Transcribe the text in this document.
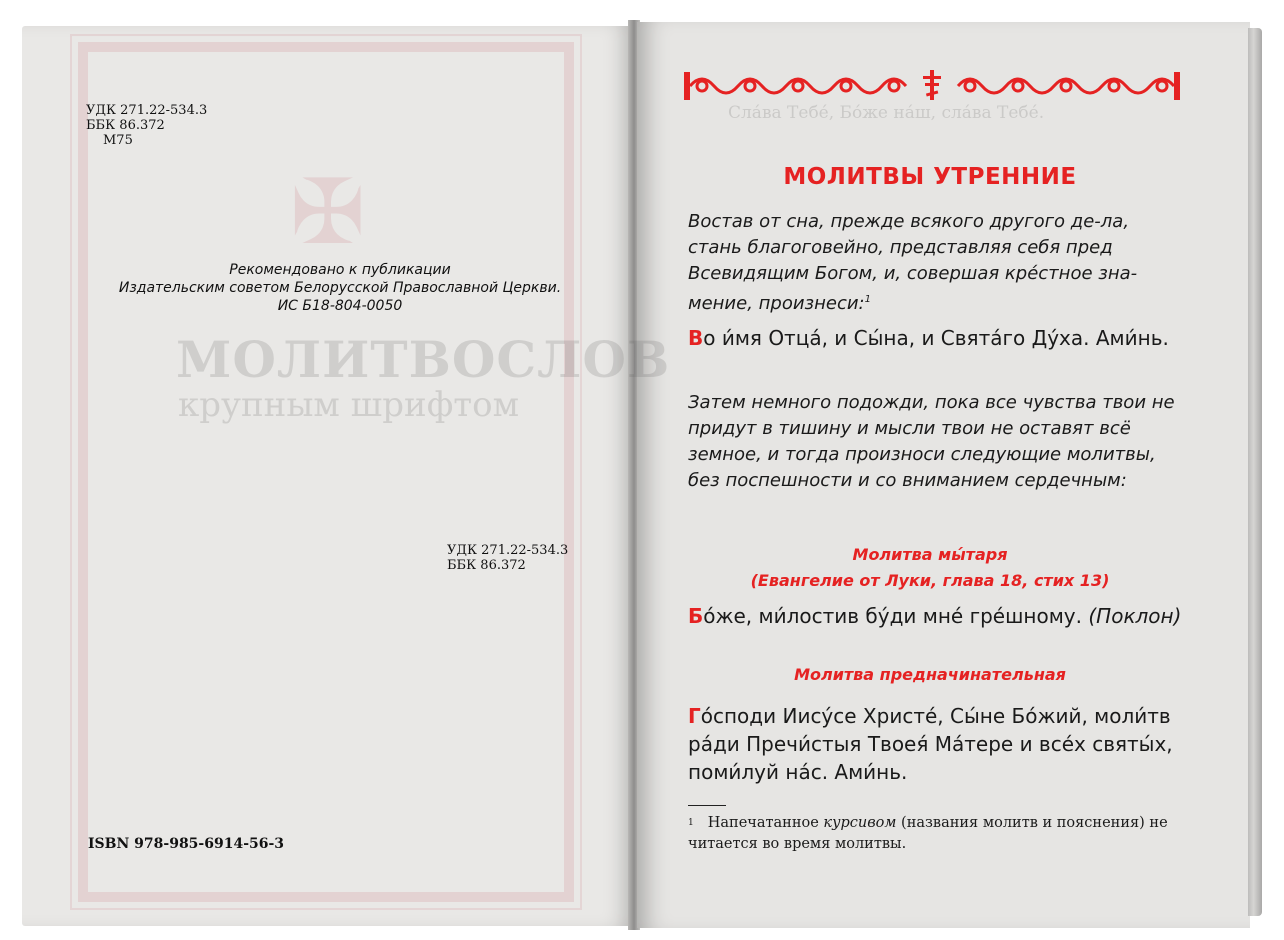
✠
МОЛИТВОСЛОВ
крупным шрифтом
УДК 271.22-534.3
ББК 86.372
М75
Рекомендовано к публикации
Издательским советом Белорусской Православной Церкви.
ИС Б18-804-0050
УДК 271.22-534.3
ББК 86.372
ISBN 978-985-6914-56-3
Сла́ва Тебе́, Бо́же на́ш, сла́ва Тебе́.
МОЛИТВЫ УТРЕННИЕ
Востав от сна, прежде всякого другого де-ла, стань благоговейно, представляя себя пред Всевидящим Богом, и, совершая кре́стное зна-мение, произнеси:$^1$
Во и́мя Отца́, и Сы́на, и Свята́го Ду́ха. Ами́нь.
Затем немного подожди, пока все чувства твои не придут в тишину и мысли твои не оставят всё земное, и тогда произноси следующие молитвы, без поспешности и со вниманием сердечным:
Молитва мы́таря
(Евангелие от Луки, глава 18, стих 13)
Бо́же, ми́лостив бу́ди мне́ гре́шному. (Поклон)
Молитва предначинательная
Го́споди Иису́се Христе́, Сы́не Бо́жий, моли́тв ра́ди Пречи́стыя Твоея́ Ма́тере и все́х святы́х, поми́луй на́с. Ами́нь.
$^1$ Напечатанное курсивом (названия молитв и пояснения) не читается во время молитвы.
